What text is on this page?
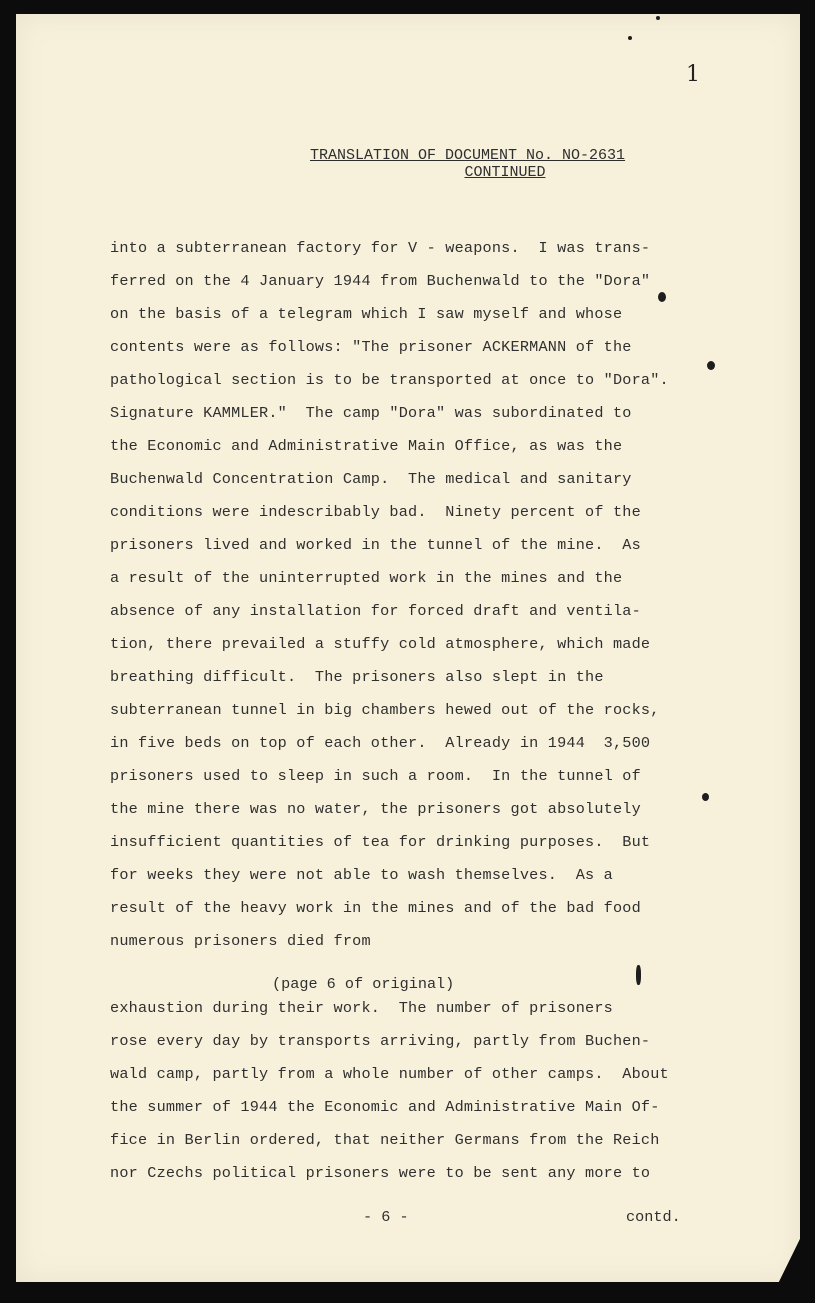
1
TRANSLATION OF DOCUMENT No. NO-2631
CONTINUED
into a subterranean factory for V - weapons.  I was trans-
ferred on the 4 January 1944 from Buchenwald to the "Dora"
on the basis of a telegram which I saw myself and whose
contents were as follows: "The prisoner ACKERMANN of the
pathological section is to be transported at once to "Dora".
Signature KAMMLER."  The camp "Dora" was subordinated to
the Economic and Administrative Main Office, as was the
Buchenwald Concentration Camp.  The medical and sanitary
conditions were indescribably bad.  Ninety percent of the
prisoners lived and worked in the tunnel of the mine.  As
a result of the uninterrupted work in the mines and the
absence of any installation for forced draft and ventila-
tion, there prevailed a stuffy cold atmosphere, which made
breathing difficult.  The prisoners also slept in the
subterranean tunnel in big chambers hewed out of the rocks,
in five beds on top of each other.  Already in 1944  3,500
prisoners used to sleep in such a room.  In the tunnel of
the mine there was no water, the prisoners got absolutely
insufficient quantities of tea for drinking purposes.  But
for weeks they were not able to wash themselves.  As a
result of the heavy work in the mines and of the bad food
numerous prisoners died from
exhaustion during their work.  The number of prisoners
rose every day by transports arriving, partly from Buchen-
wald camp, partly from a whole number of other camps.  About
the summer of 1944 the Economic and Administrative Main Of-
fice in Berlin ordered, that neither Germans from the Reich
nor Czechs political prisoners were to be sent any more to
(page 6 of original)
- 6 -	contd.
